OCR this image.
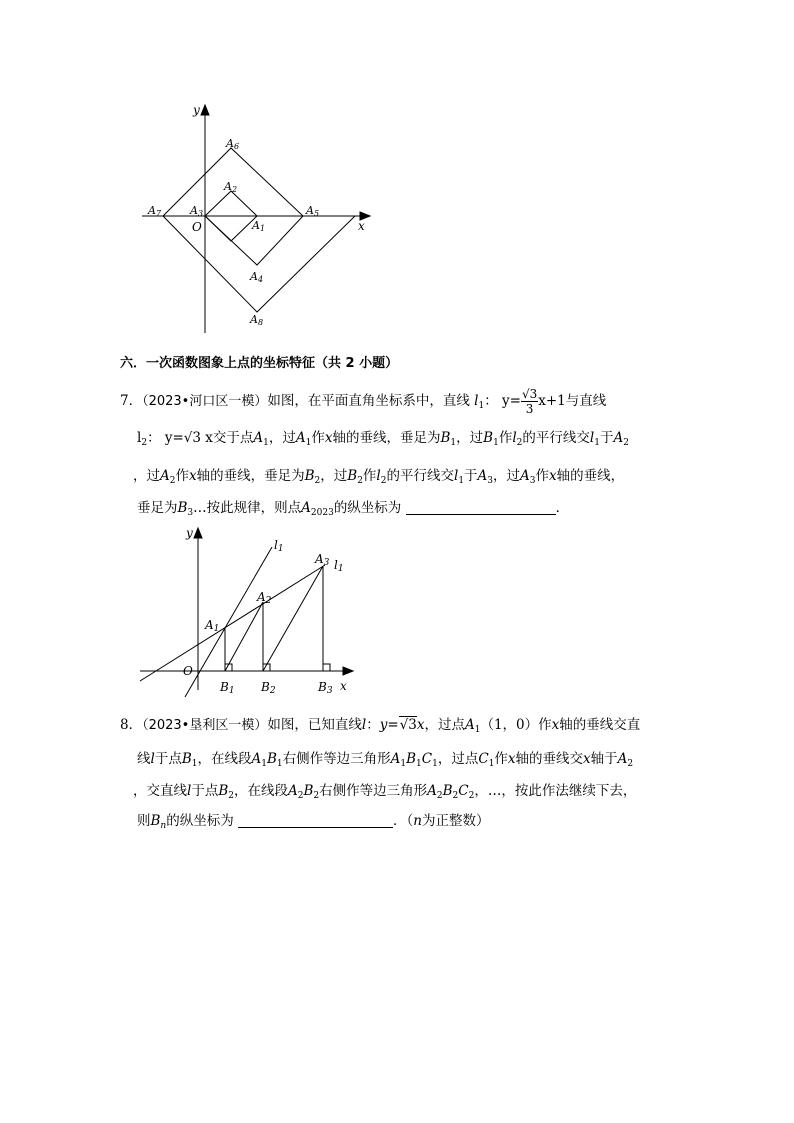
y
x
O
A6
A2
A3
A7
A1
A5
A4
A8
六．一次函数图象上点的坐标特征（共 2 小题）
7．（2023•河口区一模）如图，在平面直角坐标系中，直线 $l_1$： $y= \frac{√3}{3} x+1$与直线
$l_2$： y=√3 x交于点$A_1$，过$A_1$作x轴的垂线，垂足为$B_1$，过$B_1$作$l_2$的平行线交$l_1$于$A_2$
，过$A_2$作x轴的垂线，垂足为$B_2$，过$B_2$作$l_2$的平行线交$l_1$于$A_3$，过$A_3$作x轴的垂线，
垂足为$B_3\dots$按此规律，则点$A_{2023}$的纵坐标为	．
y
x
O
l1
l1
A1
A2
A3
B1 B2	B3
8．（2023•垦利区一模）如图，已知直线l：y=√3x，过点$A_1(1$，0）作x轴的垂线交直
线l于点$B_1$，在线段$A_1B_1$右侧作等边三角形$A_1B_1C_1$，过点$C_1$作x轴的垂线交x轴于$A_2$
，交直线l于点$B_2$，在线段$A_2B_2$右侧作等边三角形$A_2B_2C_2$，…，按此作法继续下去，
则$B_n$的纵坐标为	．（n为正整数）
